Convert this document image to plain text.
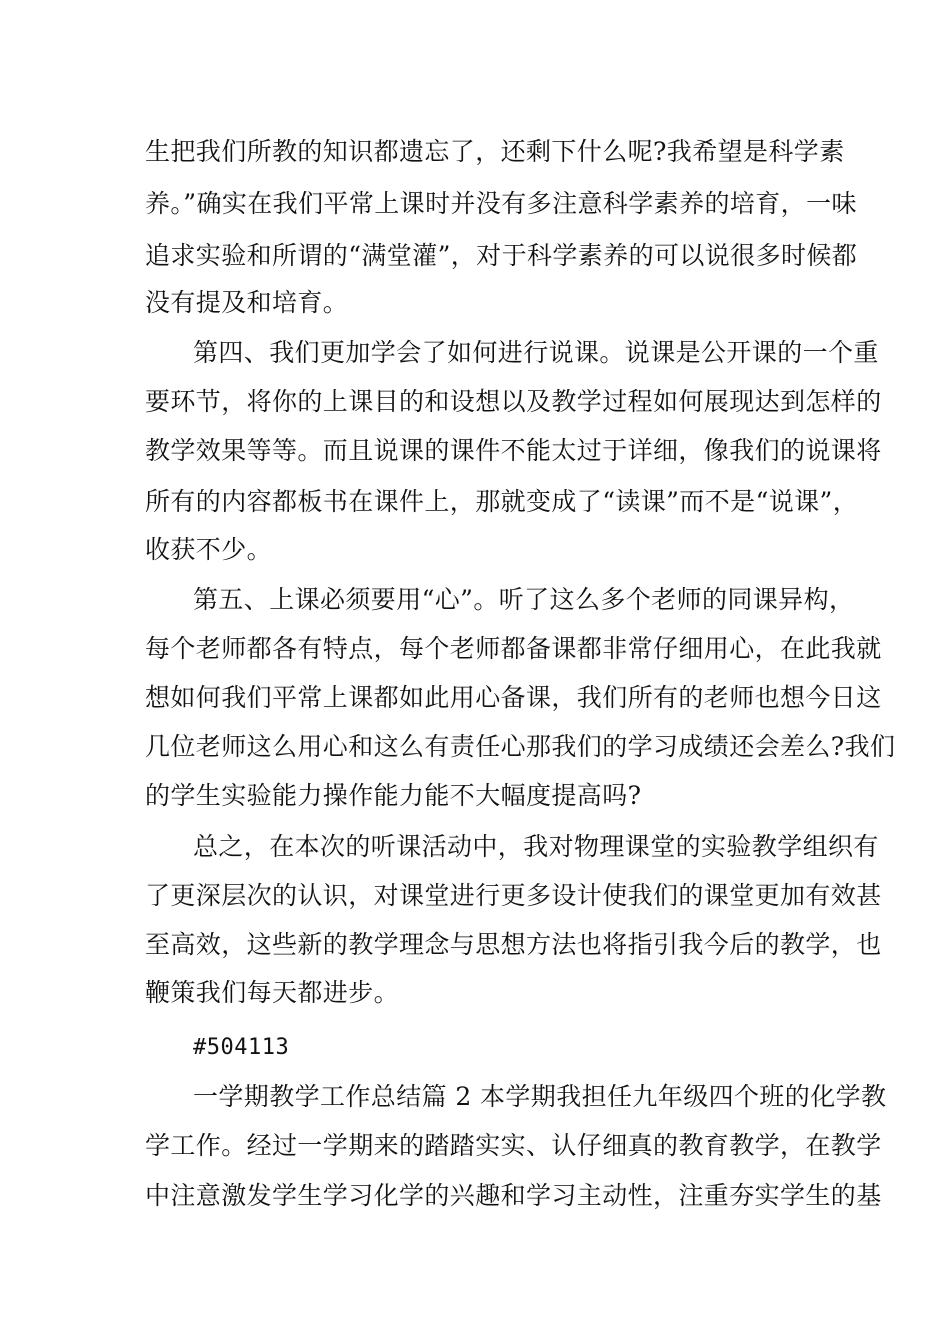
生把我们所教的知识都遗忘了，还剩下什么呢?我希望是科学素
养。”确实在我们平常上课时并没有多注意科学素养的培育，一味
追求实验和所谓的“满堂灌”，对于科学素养的可以说很多时候都
没有提及和培育。
第四、我们更加学会了如何进行说课。说课是公开课的一个重
要环节，将你的上课目的和设想以及教学过程如何展现达到怎样的
教学效果等等。而且说课的课件不能太过于详细，像我们的说课将
所有的内容都板书在课件上，那就变成了“读课”而不是“说课”，
收获不少。
第五、上课必须要用“心”。听了这么多个老师的同课异构，
每个老师都各有特点，每个老师都备课都非常仔细用心，在此我就
想如何我们平常上课都如此用心备课，我们所有的老师也想今日这
几位老师这么用心和这么有责任心那我们的学习成绩还会差么?我们
的学生实验能力操作能力能不大幅度提高吗?
总之，在本次的听课活动中，我对物理课堂的实验教学组织有
了更深层次的认识，对课堂进行更多设计使我们的课堂更加有效甚
至高效，这些新的教学理念与思想方法也将指引我今后的教学，也
鞭策我们每天都进步。
#504113
一学期教学工作总结篇 2 本学期我担任九年级四个班的化学教
学工作。经过一学期来的踏踏实实、认仔细真的教育教学，在教学
中注意激发学生学习化学的兴趣和学习主动性，注重夯实学生的基
